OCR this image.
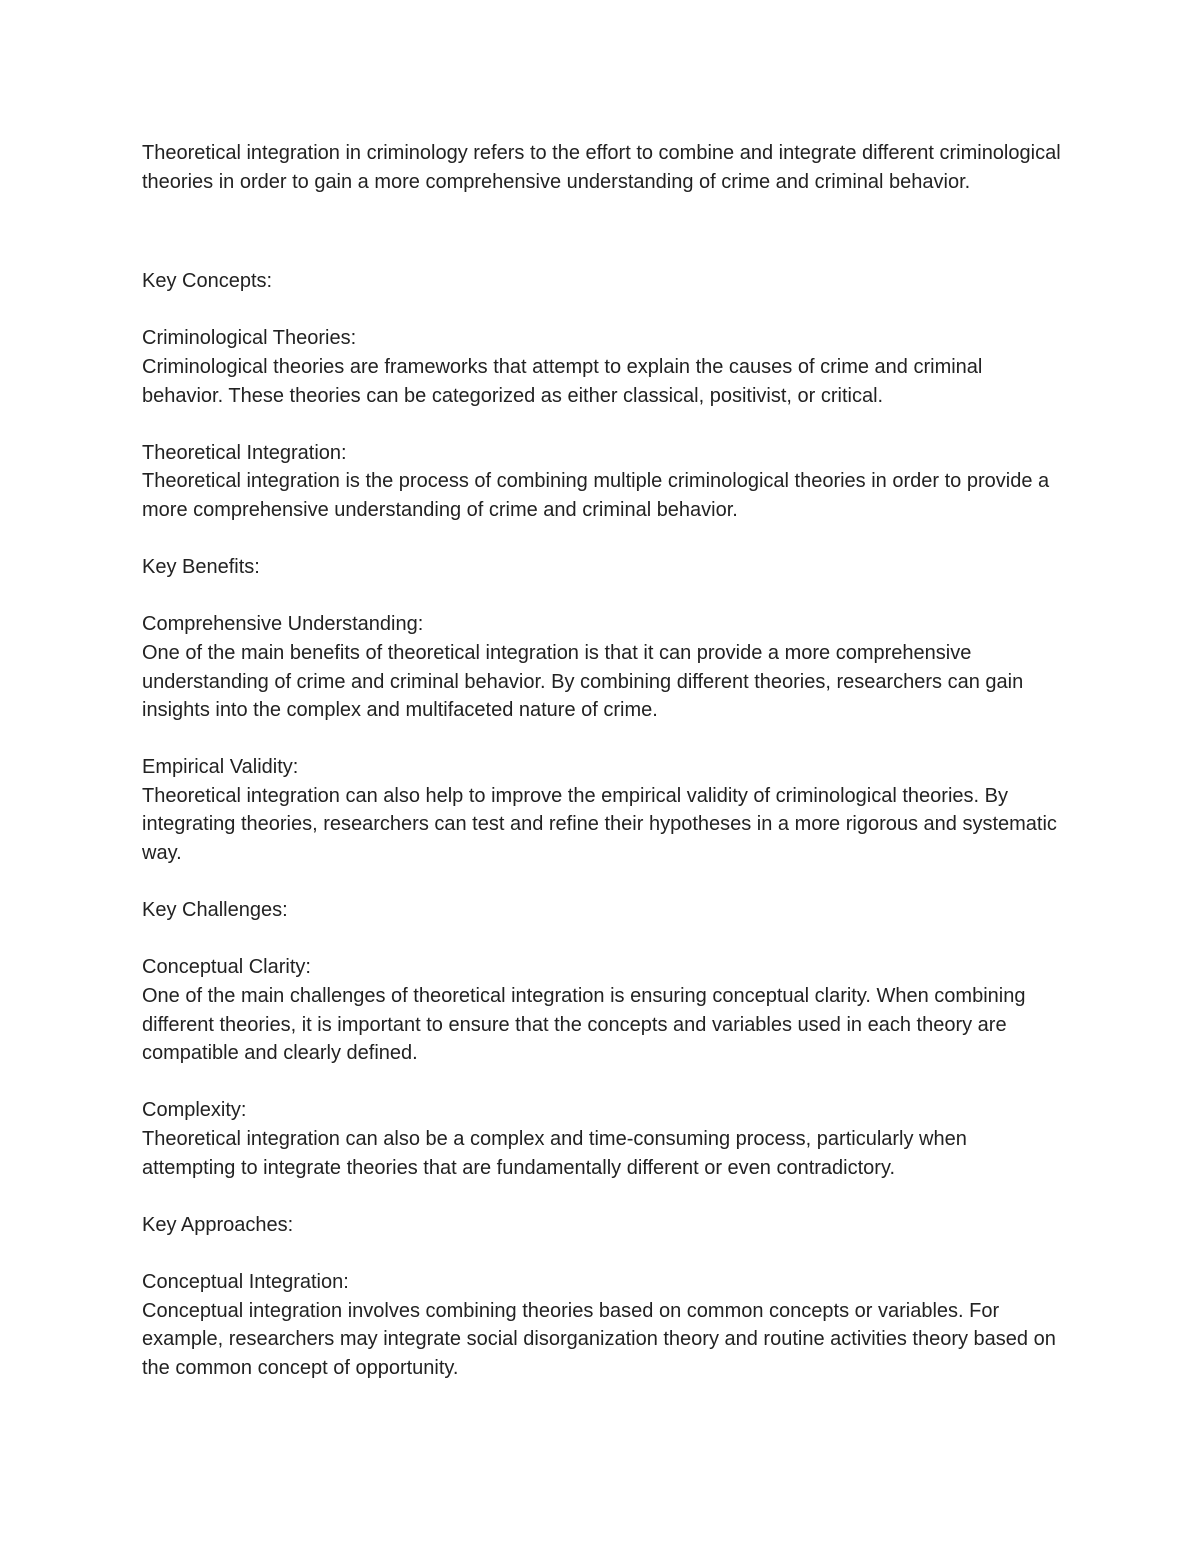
Theoretical integration in criminology refers to the effort to combine and integrate different criminological theories in order to gain a more comprehensive understanding of crime and criminal behavior.

Key Concepts:

Criminological Theories:
Criminological theories are frameworks that attempt to explain the causes of crime and criminal behavior. These theories can be categorized as either classical, positivist, or critical.
Theoretical Integration:
Theoretical integration is the process of combining multiple criminological theories in order to provide a more comprehensive understanding of crime and criminal behavior.

Key Benefits:

Comprehensive Understanding:
One of the main benefits of theoretical integration is that it can provide a more comprehensive understanding of crime and criminal behavior. By combining different theories, researchers can gain insights into the complex and multifaceted nature of crime.
Empirical Validity:
Theoretical integration can also help to improve the empirical validity of criminological theories. By integrating theories, researchers can test and refine their hypotheses in a more rigorous and systematic way.

Key Challenges:

Conceptual Clarity:
One of the main challenges of theoretical integration is ensuring conceptual clarity. When combining different theories, it is important to ensure that the concepts and variables used in each theory are compatible and clearly defined.
Complexity:
Theoretical integration can also be a complex and time-consuming process, particularly when attempting to integrate theories that are fundamentally different or even contradictory.

Key Approaches:

Conceptual Integration:
Conceptual integration involves combining theories based on common concepts or variables. For example, researchers may integrate social disorganization theory and routine activities theory based on the common concept of opportunity.
